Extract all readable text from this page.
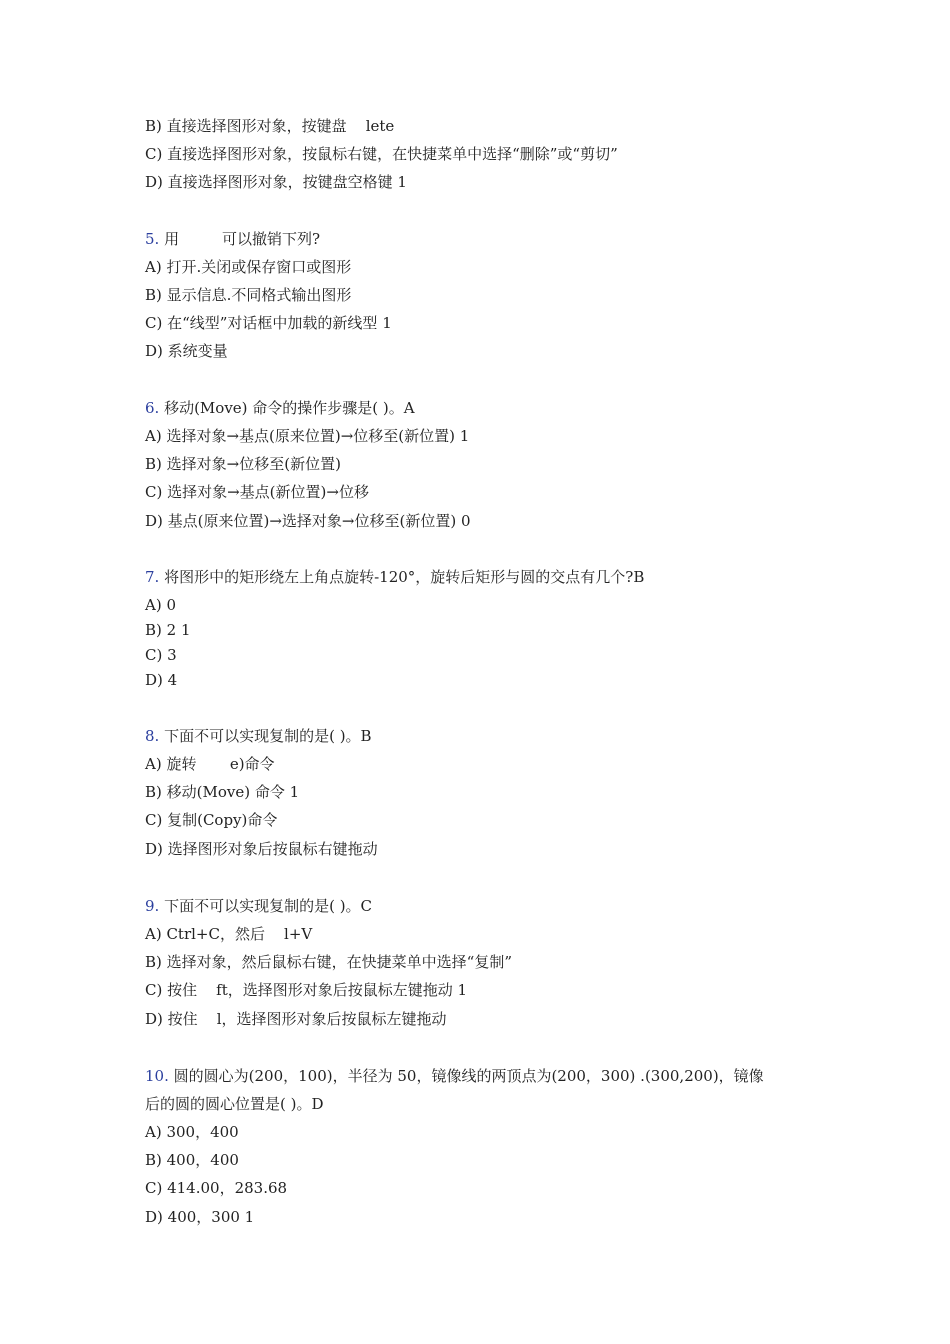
B) 直接选择图形对象，按键盘    lete

C) 直接选择图形对象，按鼠标右键，在快捷菜单中选择“删除”或“剪切”

D) 直接选择图形对象，按键盘空格键 1

5. 用         可以撤销下列?

A) 打开.关闭或保存窗口或图形

B) 显示信息.不同格式输出图形

C) 在“线型”对话框中加载的新线型 1

D) 系统变量

6. 移动(Move) 命令的操作步骤是( )。A

A) 选择对象→基点(原来位置)→位移至(新位置) 1

B) 选择对象→位移至(新位置)

C) 选择对象→基点(新位置)→位移

D) 基点(原来位置)→选择对象→位移至(新位置) 0

7. 将图形中的矩形绕左上角点旋转-120°，旋转后矩形与圆的交点有几个?B

A) 0

B) 2 1

C) 3

D) 4

8. 下面不可以实现复制的是( )。B

A) 旋转       e)命令

B) 移动(Move) 命令 1

C) 复制(Copy)命令

D) 选择图形对象后按鼠标右键拖动

9. 下面不可以实现复制的是( )。C

A) Ctrl+C，然后    l+V

B) 选择对象，然后鼠标右键，在快捷菜单中选择“复制”

C) 按住    ft，选择图形对象后按鼠标左键拖动 1

D) 按住    l，选择图形对象后按鼠标左键拖动

10. 圆的圆心为(200，100)，半径为 50，镜像线的两顶点为(200，300) .(300,200)，镜像

后的圆的圆心位置是( )。D

A) 300，400

B) 400，400

C) 414.00，283.68

D) 400，300 1
